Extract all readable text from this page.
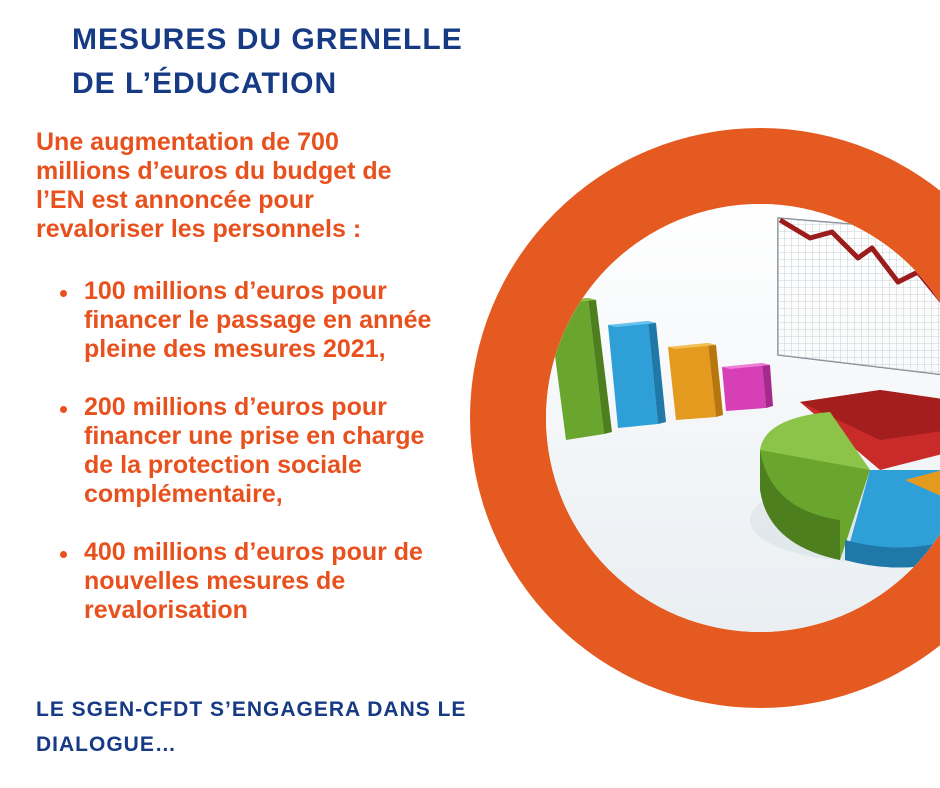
MESURES DU GRENELLE
DE L’ÉDUCATION
Une augmentation de 700 millions d’euros du budget de l’EN est annoncée pour revaloriser les personnels :
100 millions d’euros pour financer le passage en année pleine des mesures 2021,
200 millions d’euros pour financer une prise en charge de la protection sociale complémentaire,
400 millions d’euros pour de nouvelles mesures de revalorisation
LE SGEN-CFDT S’ENGAGERA DANS LE DIALOGUE…
